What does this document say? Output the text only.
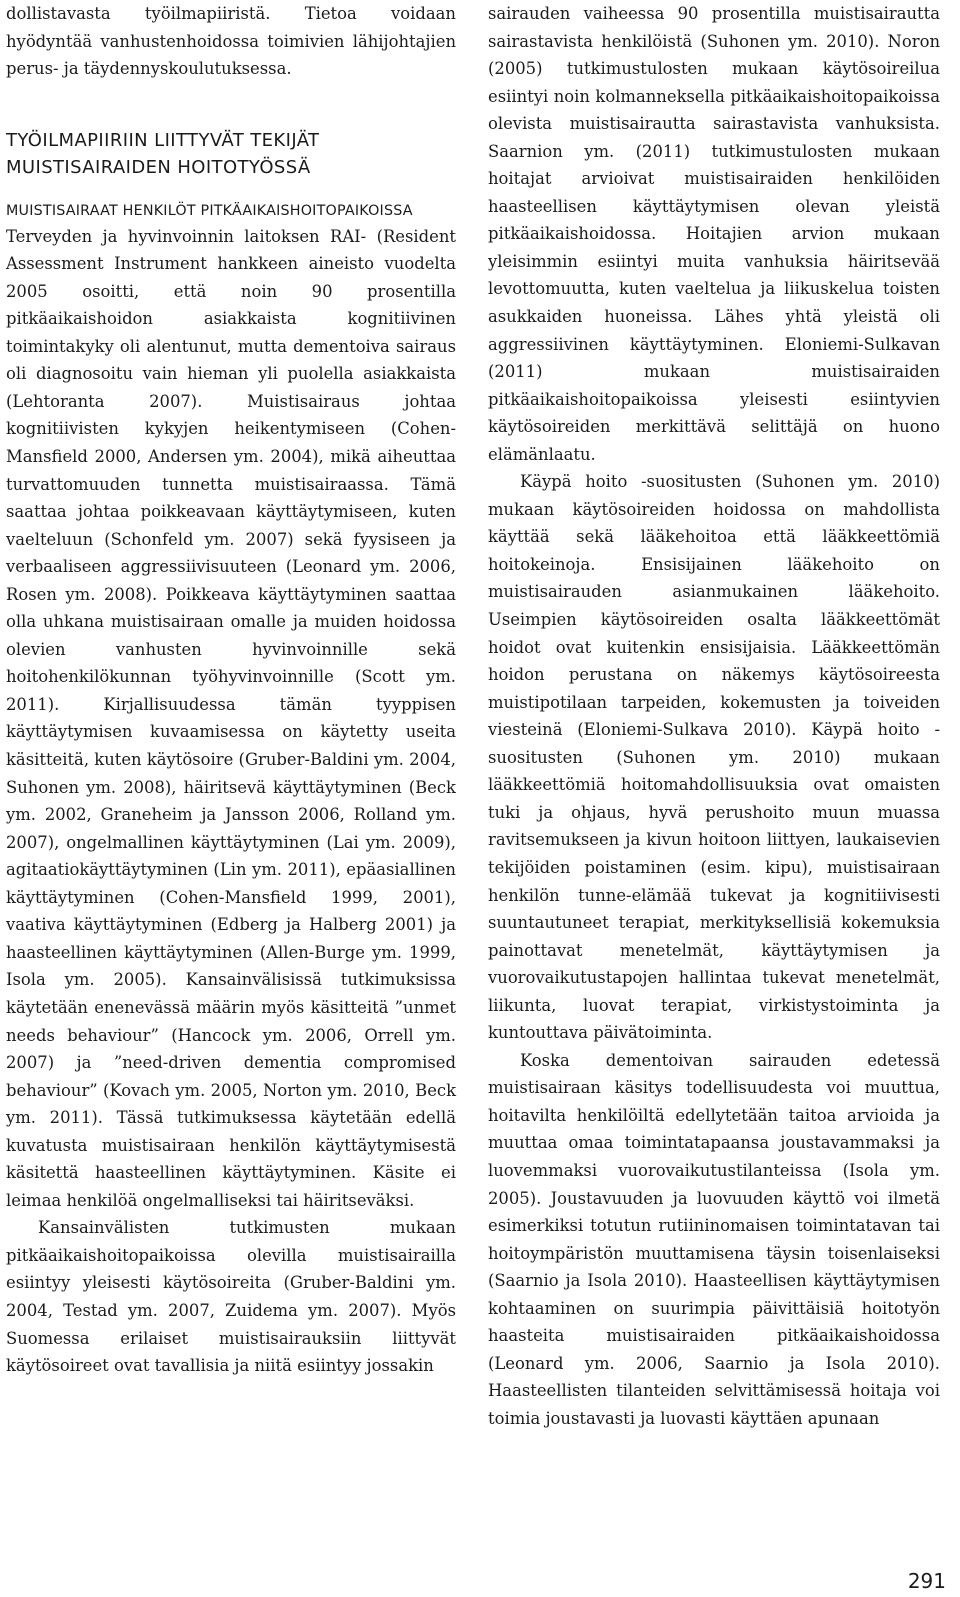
dollistavasta työilmapiiristä. Tietoa voidaan hyödyntää vanhustenhoidossa toimivien lähijohtajien perus- ja täydennyskoulutuksessa.

TYÖILMAPIIRIIN LIITTYVÄT TEKIJÄT MUISTISAIRAIDEN HOITOTYÖSSÄ
MUISTISAIRAAT HENKILÖT PITKÄAIKAISHOITOPAIKOISSA

Terveyden ja hyvinvoinnin laitoksen RAI- (Resident Assessment Instrument hankkeen aineisto vuodelta 2005 osoitti, että noin 90 prosentilla pitkäaikaishoidon asiakkaista kognitiivinen toimintakyky oli alentunut, mutta dementoiva sairaus oli diagnosoitu vain hieman yli puolella asiakkaista (Lehtoranta 2007). Muistisairaus johtaa kognitiivisten kykyjen heikentymiseen (Cohen-Mansfield 2000, Andersen ym. 2004), mikä aiheuttaa turvattomuuden tunnetta muistisairaassa. Tämä saattaa johtaa poikkeavaan käyttäytymiseen, kuten vaelteluun (Schonfeld ym. 2007) sekä fyysiseen ja verbaaliseen aggressiivisuuteen (Leonard ym. 2006, Rosen ym. 2008). Poikkeava käyttäytyminen saattaa olla uhkana muistisairaan omalle ja muiden hoidossa olevien vanhusten hyvinvoinnille sekä hoitohenkilökunnan työhyvinvoinnille (Scott ym. 2011). Kirjallisuudessa tämän tyyppisen käyttäytymisen kuvaamisessa on käytetty useita käsitteitä, kuten käytösoire (Gruber-Baldini ym. 2004, Suhonen ym. 2008), häiritsevä käyttäytyminen (Beck ym. 2002, Graneheim ja Jansson 2006, Rolland ym. 2007), ongelmallinen käyttäytyminen (Lai ym. 2009), agitaatiokäyttäytyminen (Lin ym. 2011), epäasiallinen käyttäytyminen (Cohen-Mansfield 1999, 2001), vaativa käyttäytyminen (Edberg ja Halberg 2001) ja haasteellinen käyttäytyminen (Allen-Burge ym. 1999, Isola ym. 2005). Kansainvälisissä tutkimuksissa käytetään enenevässä määrin myös käsitteitä ”unmet needs behaviour” (Hancock ym. 2006, Orrell ym. 2007) ja ”need-driven dementia compromised behaviour” (Kovach ym. 2005, Norton ym. 2010, Beck ym. 2011). Tässä tutkimuksessa käytetään edellä kuvatusta muistisairaan henkilön käyttäytymisestä käsitettä haasteellinen käyttäytyminen. Käsite ei leimaa henkilöä ongelmalliseksi tai häiritseväksi.

Kansainvälisten tutkimusten mukaan pitkäaikaishoitopaikoissa olevilla muistisairailla esiintyy yleisesti käytösoireita (Gruber-Baldini ym. 2004, Testad ym. 2007, Zuidema ym. 2007). Myös Suomessa erilaiset muistisairauksiin liittyvät käytösoireet ovat tavallisia ja niitä esiintyy jossakin

sairauden vaiheessa 90 prosentilla muistisairautta sairastavista henkilöistä (Suhonen ym. 2010). Noron (2005) tutkimustulosten mukaan käytösoireilua esiintyi noin kolmanneksella pitkäaikaishoitopaikoissa olevista muistisairautta sairastavista vanhuksista. Saarnion ym. (2011) tutkimustulosten mukaan hoitajat arvioivat muistisairaiden henkilöiden haasteellisen käyttäytymisen olevan yleistä pitkäaikaishoidossa. Hoitajien arvion mukaan yleisimmin esiintyi muita vanhuksia häiritsevää levottomuutta, kuten vaeltelua ja liikuskelua toisten asukkaiden huoneissa. Lähes yhtä yleistä oli aggressiivinen käyttäytyminen. Eloniemi-Sulkavan (2011) mukaan muistisairaiden pitkäaikaishoitopaikoissa yleisesti esiintyvien käytösoireiden merkittävä selittäjä on huono elämänlaatu.

Käypä hoito -suositusten (Suhonen ym. 2010) mukaan käytösoireiden hoidossa on mahdollista käyttää sekä lääkehoitoa että lääkkeettömiä hoitokeinoja. Ensisijainen lääkehoito on muistisairauden asianmukainen lääkehoito. Useimpien käytösoireiden osalta lääkkeettömät hoidot ovat kuitenkin ensisijaisia. Lääkkeettömän hoidon perustana on näkemys käytösoireesta muistipotilaan tarpeiden, kokemusten ja toiveiden viesteinä (Eloniemi-Sulkava 2010). Käypä hoito -suositusten (Suhonen ym. 2010) mukaan lääkkeettömiä hoitomahdollisuuksia ovat omaisten tuki ja ohjaus, hyvä perushoito muun muassa ravitsemukseen ja kivun hoitoon liittyen, laukaisevien tekijöiden poistaminen (esim. kipu), muistisairaan henkilön tunne-elämää tukevat ja kognitiivisesti suuntautuneet terapiat, merkityksellisiä kokemuksia painottavat menetelmät, käyttäytymisen ja vuorovaikutustapojen hallintaa tukevat menetelmät, liikunta, luovat terapiat, virkistystoiminta ja kuntouttava päivätoiminta.

Koska dementoivan sairauden edetessä muistisairaan käsitys todellisuudesta voi muuttua, hoitavilta henkilöiltä edellytetään taitoa arvioida ja muuttaa omaa toimintatapaansa joustavammaksi ja luovemmaksi vuorovaikutustilanteissa (Isola ym. 2005). Joustavuuden ja luovuuden käyttö voi ilmetä esimerkiksi totutun rutiininomaisen toimintatavan tai hoitoympäristön muuttamisena täysin toisenlaiseksi (Saarnio ja Isola 2010). Haasteellisen käyttäytymisen kohtaaminen on suurimpia päivittäisiä hoitotyön haasteita muistisairaiden pitkäaikaishoidossa (Leonard ym. 2006, Saarnio ja Isola 2010). Haasteellisten tilanteiden selvittämisessä hoitaja voi toimia joustavasti ja luovasti käyttäen apunaan

291
